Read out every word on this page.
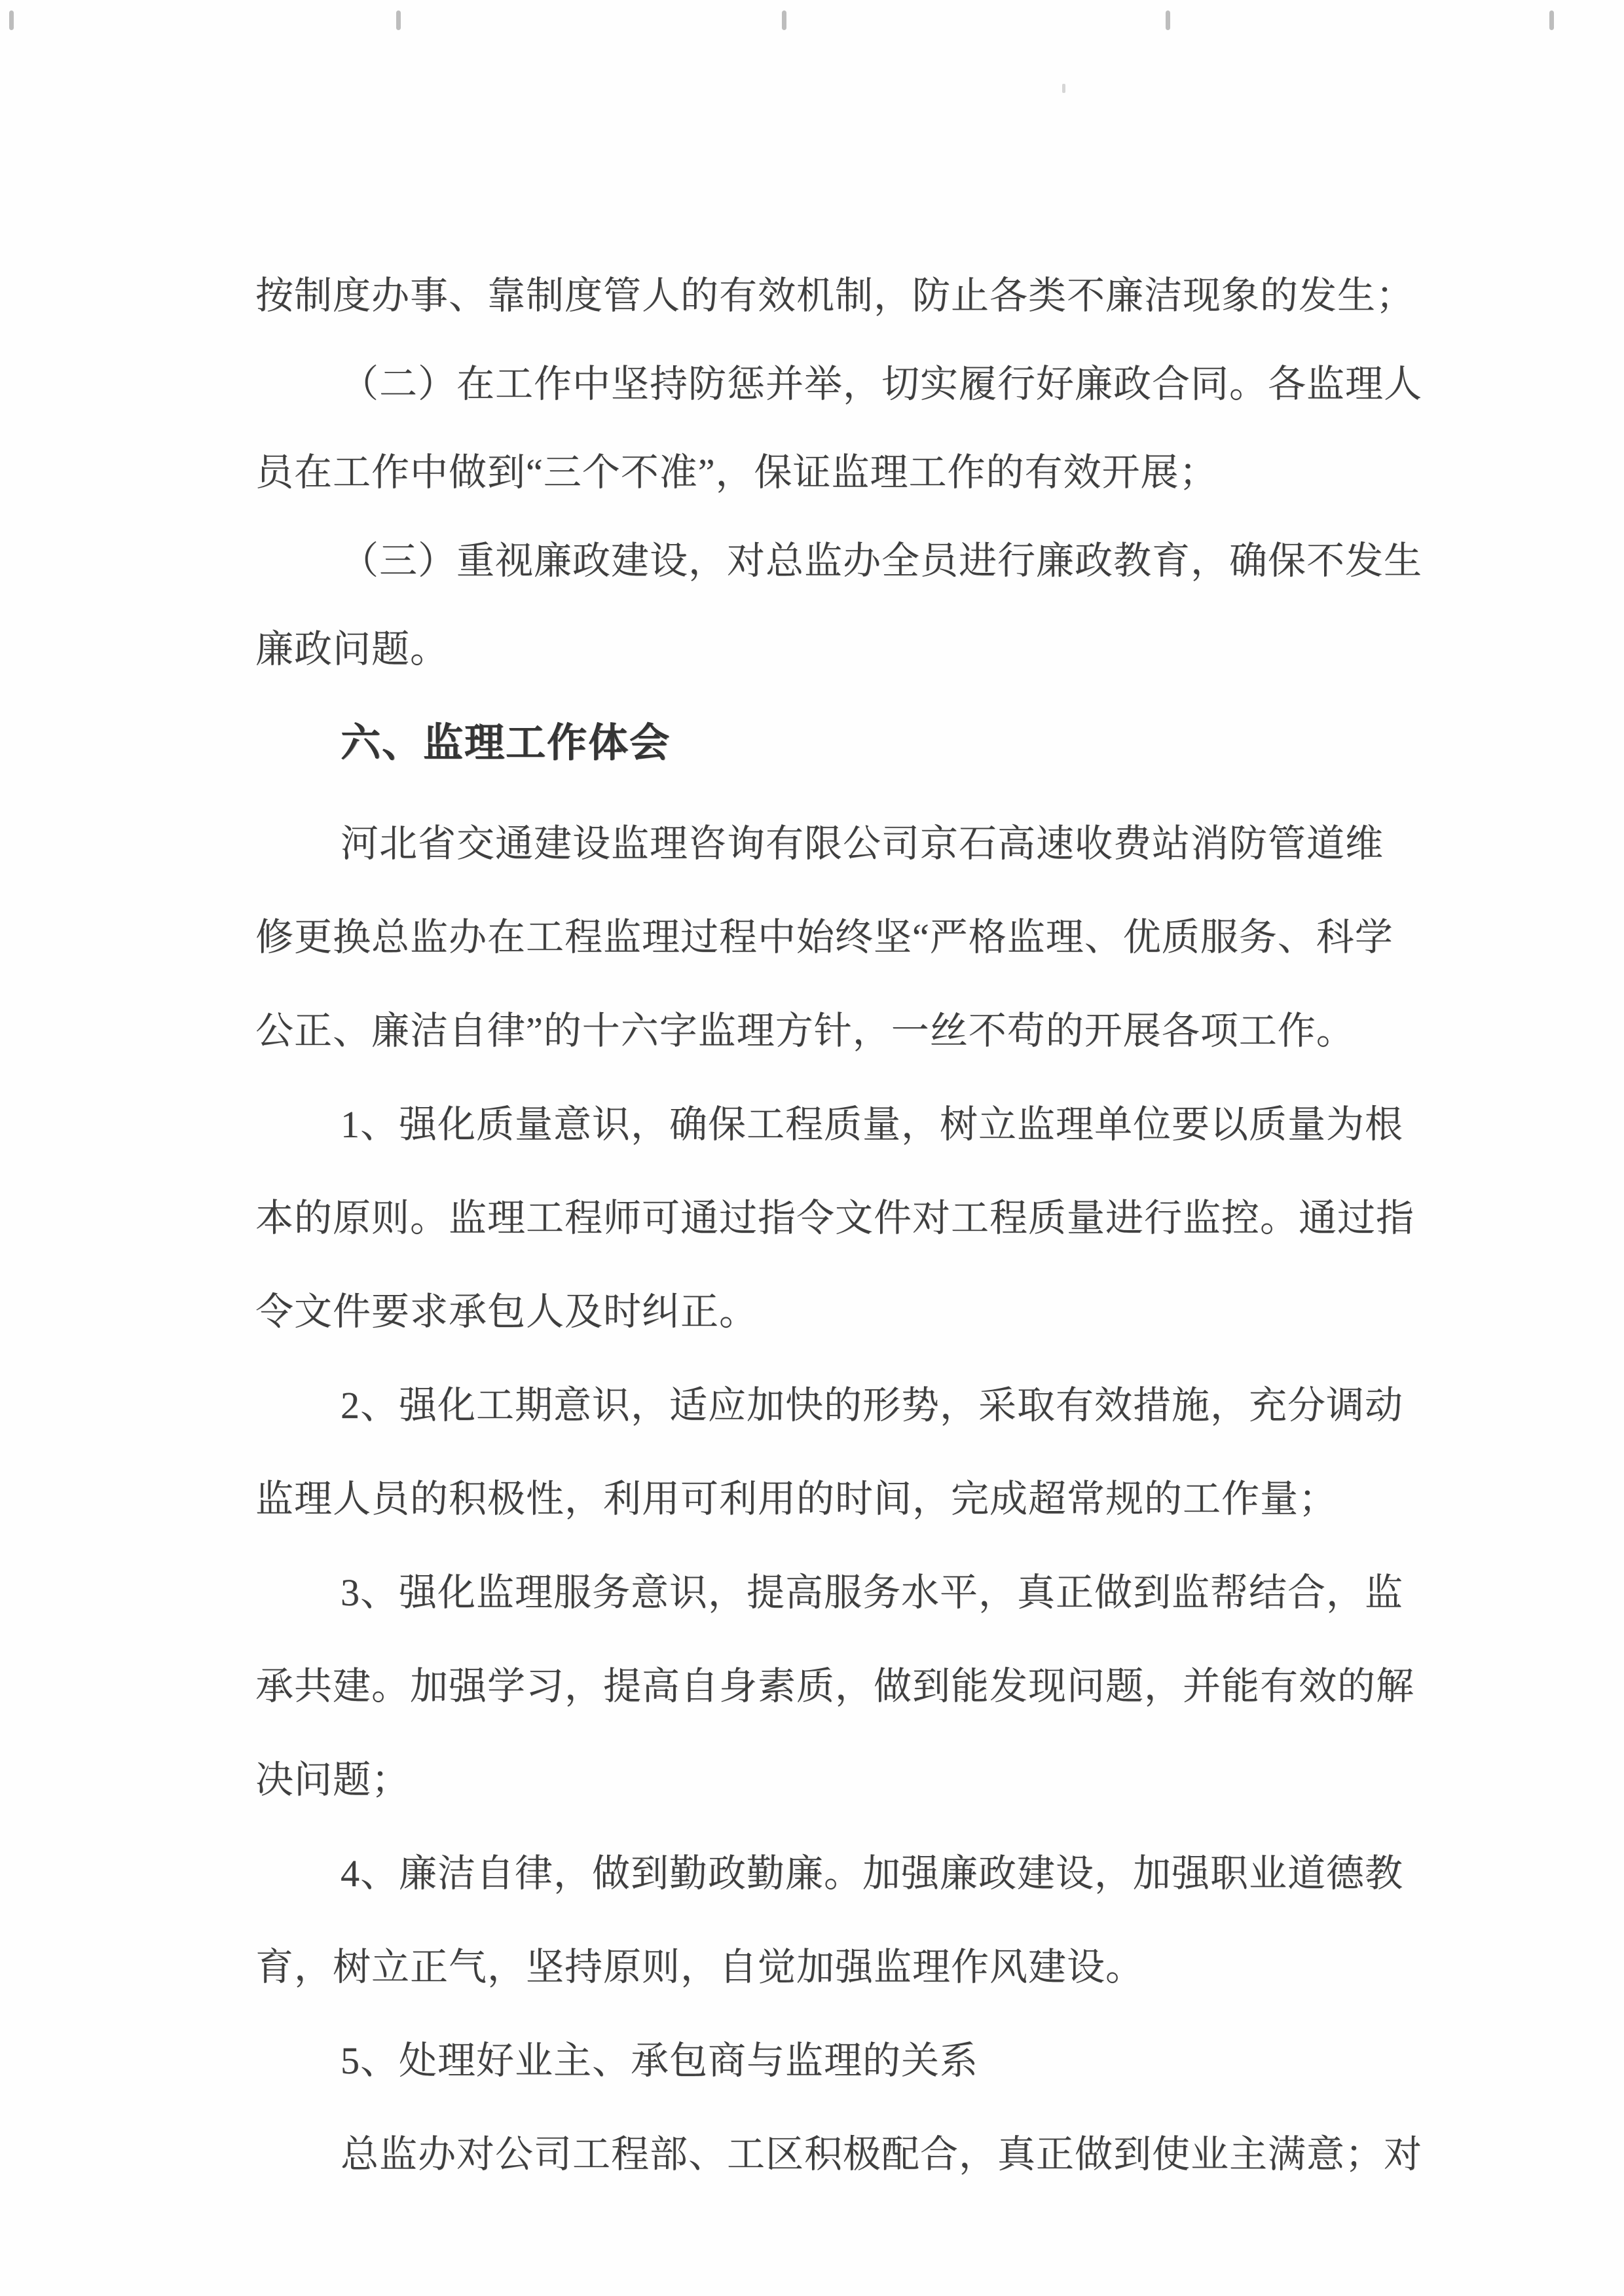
按制度办事、靠制度管人的有效机制，防止各类不廉洁现象的发生；
（二）在工作中坚持防惩并举，切实履行好廉政合同。各监理人
员在工作中做到“三个不准”，保证监理工作的有效开展；
（三）重视廉政建设，对总监办全员进行廉政教育，确保不发生
廉政问题。
六、监理工作体会
河北省交通建设监理咨询有限公司京石高速收费站消防管道维
修更换总监办在工程监理过程中始终坚“严格监理、优质服务、科学
公正、廉洁自律”的十六字监理方针，一丝不苟的开展各项工作。
1、强化质量意识，确保工程质量，树立监理单位要以质量为根
本的原则。监理工程师可通过指令文件对工程质量进行监控。通过指
令文件要求承包人及时纠正。
2、强化工期意识，适应加快的形势，采取有效措施，充分调动
监理人员的积极性，利用可利用的时间，完成超常规的工作量；
3、强化监理服务意识，提高服务水平，真正做到监帮结合，监
承共建。加强学习，提高自身素质，做到能发现问题，并能有效的解
决问题；
4、廉洁自律，做到勤政勤廉。加强廉政建设，加强职业道德教
育，树立正气，坚持原则，自觉加强监理作风建设。
5、处理好业主、承包商与监理的关系
总监办对公司工程部、工区积极配合，真正做到使业主满意；对
